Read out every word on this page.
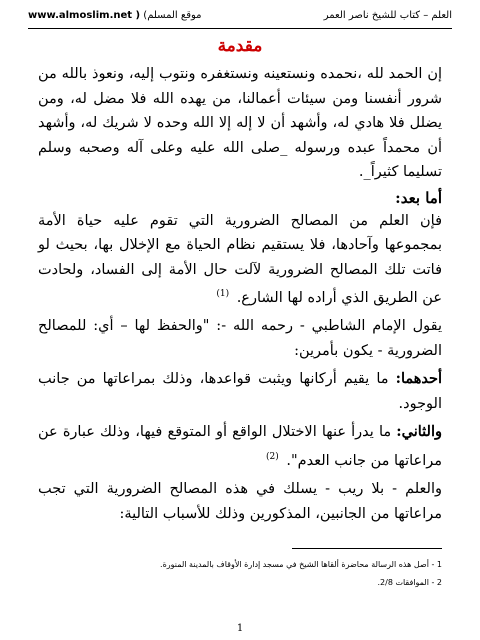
العلم – كتاب للشيخ ناصر العمر
www.almoslim.net ) (موقع المسلم
مقدمة

إن الحمد لله ،نحمده ونستعينه ونستغفره ونتوب إليه، ونعوذ بالله من شرور أنفسنا ومن سيئات أعمالنا، من يهده الله فلا مضل له، ومن يضلل فلا هادي له، وأشهد أن لا إله إلا الله وحده لا شريك له، وأشهد أن محمداً عبده ورسوله _صلى الله عليه وعلى آله وصحبه وسلم تسليما كثيراً_.

أما بعد:

فإن العلم من المصالح الضرورية التي تقوم عليه حياة الأمة بمجموعها وآحادها، فلا يستقيم نظام الحياة مع الإخلال بها، بحيث لو فاتت تلك المصالح الضرورية لآلت حال الأمة إلى الفساد، ولحادت عن الطريق الذي أراده لها الشارع. $^{(1)}$

يقول الإمام الشاطبي - رحمه الله -: "والحفظ لها – أي: للمصالح الضرورية - يكون بأمرين:

أحدهما: ما يقيم أركانها ويثبت قواعدها، وذلك بمراعاتها من جانب الوجود.

والثاني: ما يدرأ عنها الاختلال الواقع أو المتوقع فيها، وذلك عبارة عن مراعاتها من جانب العدم". $^{(2)}$

والعلم - بلا ريب - يسلك في هذه المصالح الضرورية التي تجب مراعاتها من الجانبين، المذكورين وذلك للأسباب التالية:

1 - أصل هذه الرسالة محاضرة ألقاها الشيخ في مسجد إدارة الأوقاف بالمدينة المنورة.
2 - الموافقات 2/8.
1
